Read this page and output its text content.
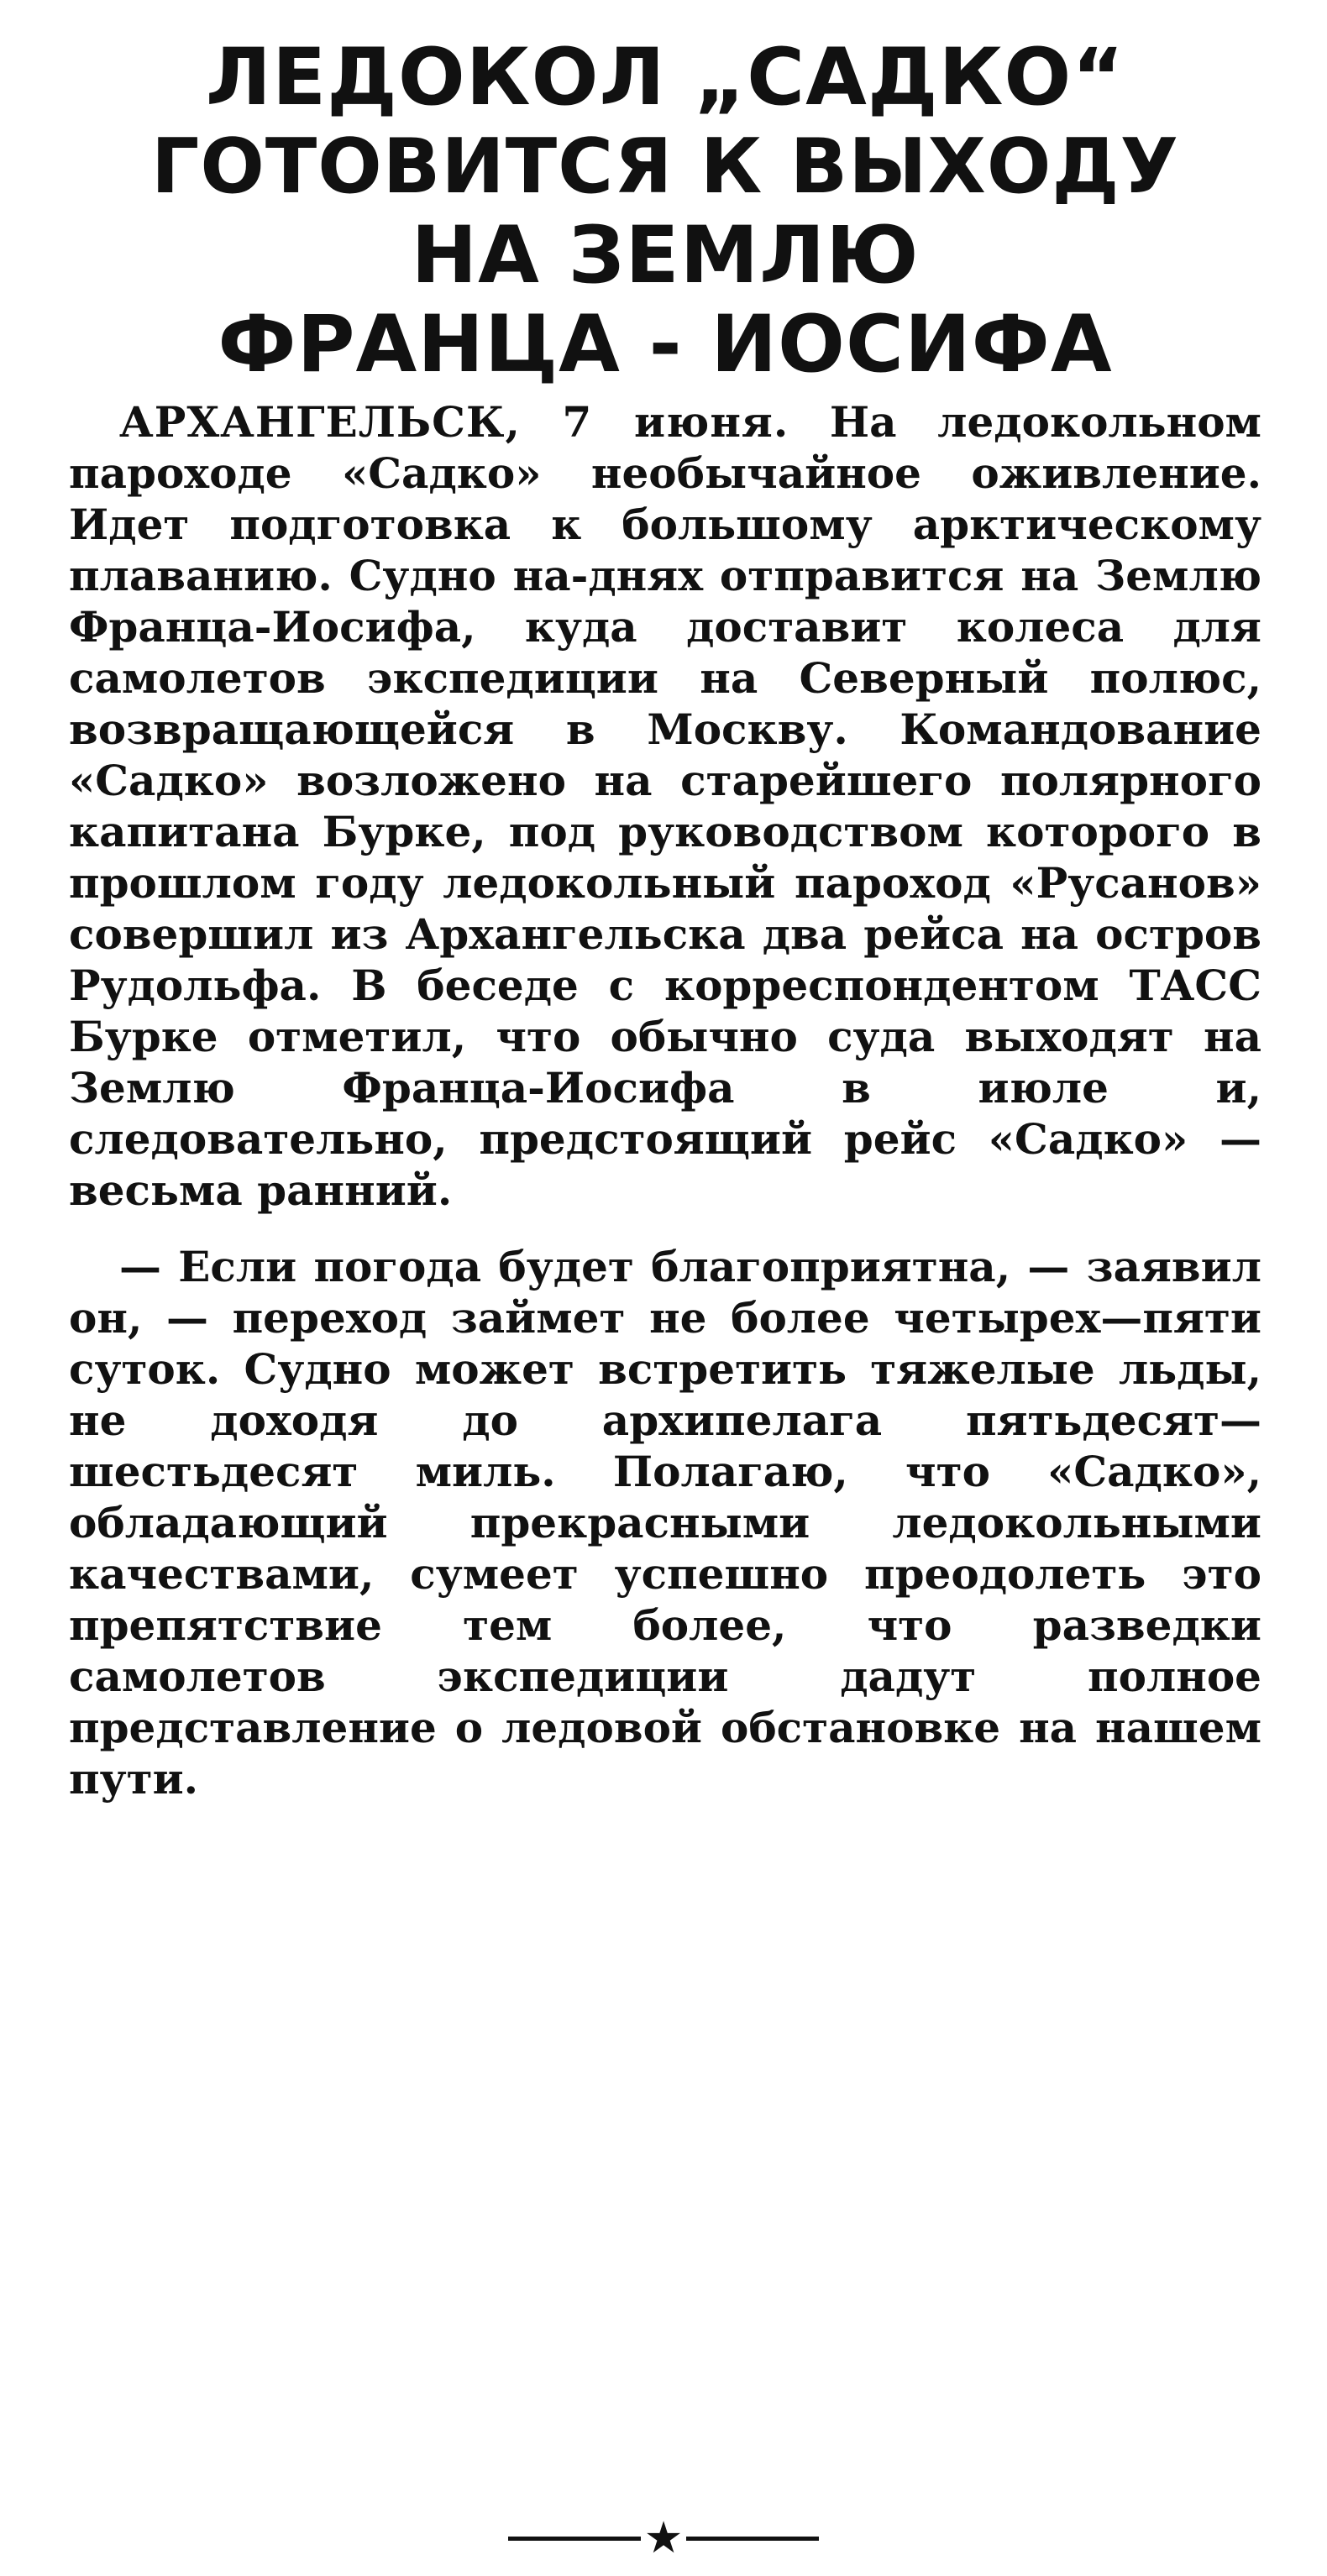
ЛЕДОКОЛ „САДКО“
ГОТОВИТСЯ К ВЫХОДУ
НА ЗЕМЛЮ
ФРАНЦА - ИОСИФА

АРХАНГЕЛЬСК, 7 июня. На ледокольном пароходе «Садко» необычайное оживление. Идет подготовка к большому арктическому плаванию. Судно на-днях отправится на Землю Франца-Иосифа, куда доставит колеса для самолетов экспедиции на Северный полюс, возвращающейся в Москву. Командование «Садко» возложено на старейшего полярного капитана Бурке, под руководством которого в прошлом году ледокольный пароход «Русанов» совершил из Архангельска два рейса на остров Рудольфа. В беседе с корреспондентом ТАСС Бурке отметил, что обычно суда выходят на Землю Франца-Иосифа в июле и, следовательно, предстоящий рейс «Садко» — весьма ранний.

— Если погода будет благоприятна, — заявил он, — переход займет не более четырех—пяти суток. Судно может встретить тяжелые льды, не доходя до архипелага пятьдесят—шестьдесят миль. Полагаю, что «Садко», обладающий прекрасными ледокольными качествами, сумеет успешно преодолеть это препятствие тем более, что разведки самолетов экспедиции дадут полное представление о ледовой обстановке на нашем пути.

★
